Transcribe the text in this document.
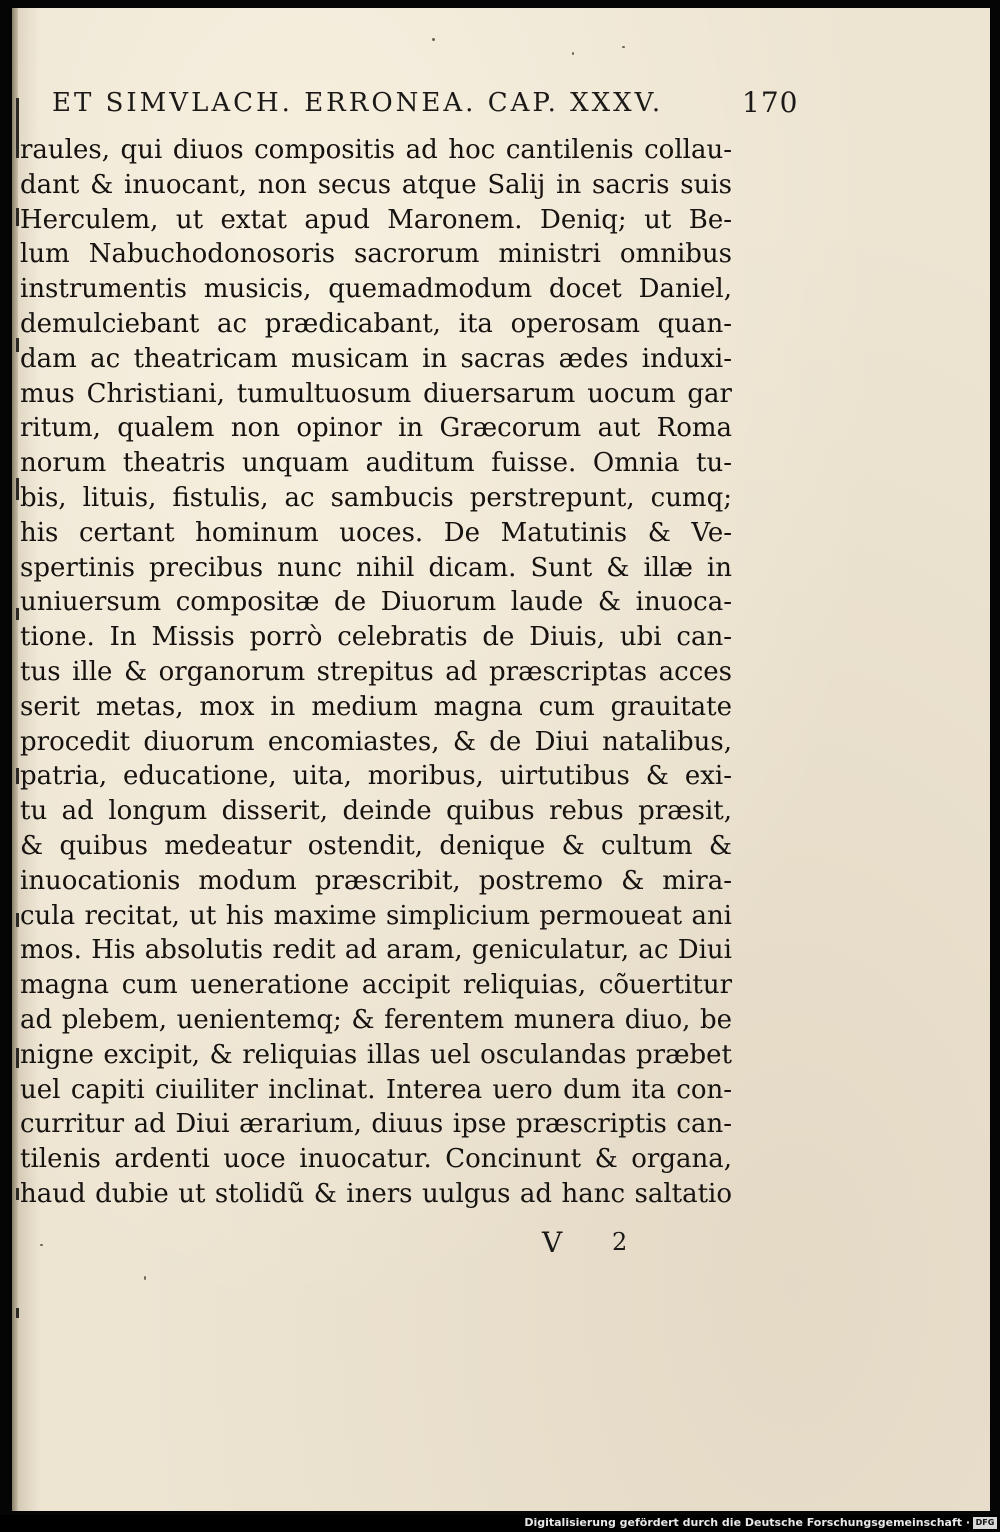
ET SIMVLACH. ERRONEA. CAP. XXXV.	170
raules, qui diuos compositis ad hoc cantilenis collau-
dant & inuocant, non secus atque Salij in sacris suis
Herculem, ut extat apud Maronem. Deniq; ut Be-
lum Nabuchodonosoris sacrorum ministri omnibus
instrumentis musicis, quemadmodum docet Daniel,
demulciebant ac prædicabant, ita operosam quan-
dam ac theatricam musicam in sacras ædes induxi-
mus Christiani, tumultuosum diuersarum uocum gar
ritum, qualem non opinor in Græcorum aut Roma
norum theatris unquam auditum fuisse. Omnia tu-
bis, lituis, fistulis, ac sambucis perstrepunt, cumq;
his certant hominum uoces. De Matutinis & Ve-
spertinis precibus nunc nihil dicam. Sunt & illæ in
uniuersum compositæ de Diuorum laude & inuoca-
tione. In Missis porrò celebratis de Diuis, ubi can-
tus ille & organorum strepitus ad præscriptas acces
serit metas, mox in medium magna cum grauitate
procedit diuorum encomiastes, & de Diui natalibus,
patria, educatione, uita, moribus, uirtutibus & exi-
tu ad longum disserit, deinde quibus rebus præsit,
& quibus medeatur ostendit, denique & cultum &
inuocationis modum præscribit, postremo & mira-
cula recitat, ut his maxime simplicium permoueat ani
mos. His absolutis redit ad aram, geniculatur, ac Diui
magna cum ueneratione accipit reliquias, cõuertitur
ad plebem, uenientemq; & ferentem munera diuo, be
nigne excipit, & reliquias illas uel osculandas præbet
uel capiti ciuiliter inclinat. Interea uero dum ita con-
curritur ad Diui ærarium, diuus ipse præscriptis can-
tilenis ardenti uoce inuocatur. Concinunt & organa,
haud dubie ut stolidũ & iners uulgus ad hanc saltatio
V 2
Digitalisierung gefördert durch die Deutsche Forschungsgemeinschaft · DFG
